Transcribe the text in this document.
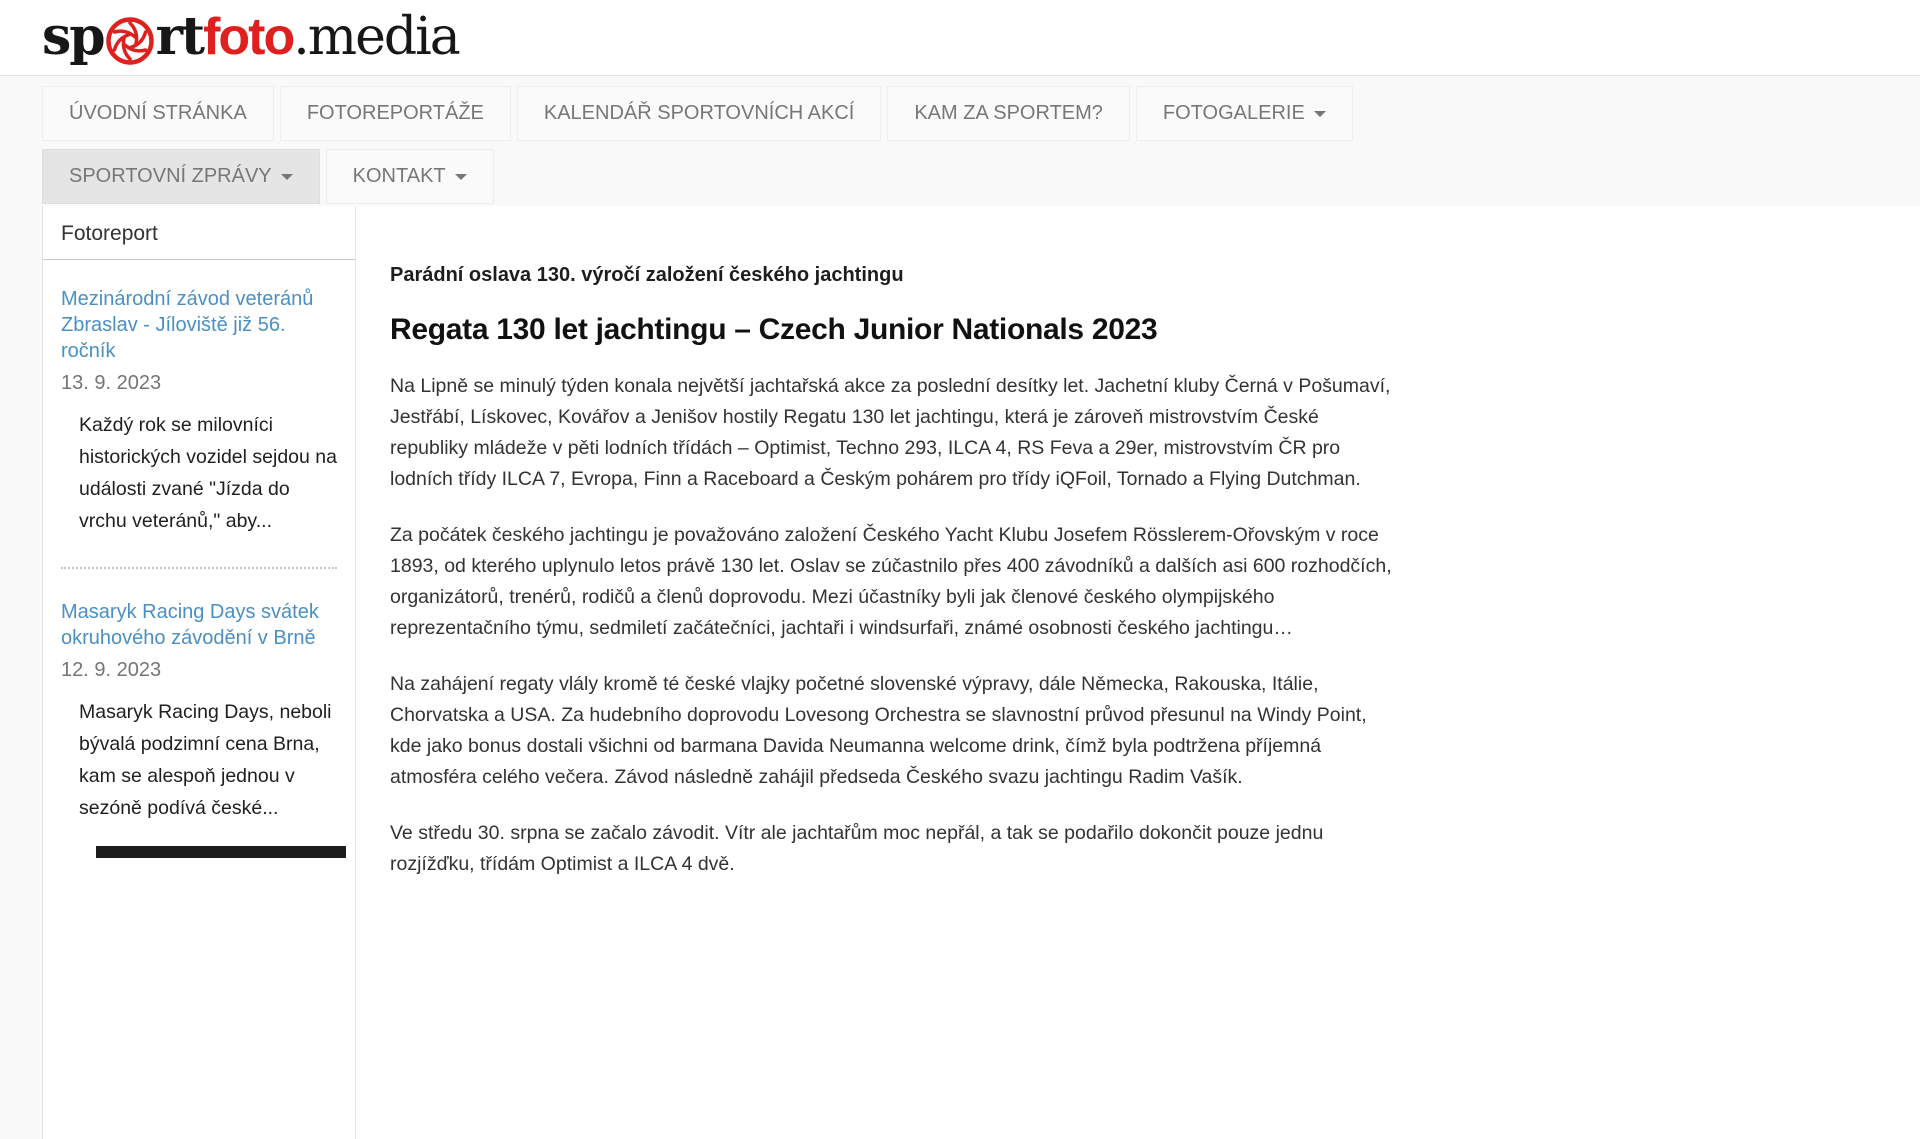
sp rt foto .media
ÚVODNÍ STRÁNKA	FOTOREPORTÁŽE	KALENDÁŘ SPORTOVNÍCH AKCÍ	KAM ZA SPORTEM?	FOTOGALERIE
SPORTOVNÍ ZPRÁVY	KONTAKT
Fotoreport
Mezinárodní závod veteránů Zbraslav - Jíloviště již 56. ročník
13. 9. 2023
Každý rok se milovníci historických vozidel sejdou na události zvané "Jízda do vrchu veteránů," aby...
Masaryk Racing Days svátek okruhového závodění v Brně
12. 9. 2023
Masaryk Racing Days, neboli bývalá podzimní cena Brna, kam se alespoň jednou v sezóně podívá české...
Parádní oslava 130. výročí založení českého jachtingu
Regata 130 let jachtingu – Czech Junior Nationals 2023

Na Lipně se minulý týden konala největší jachtařská akce za poslední desítky let. Jachetní kluby Černá v Pošumaví, Jestřábí, Lískovec, Kovářov a Jenišov hostily Regatu 130 let jachtingu, která je zároveň mistrovstvím České republiky mládeže v pěti lodních třídách – Optimist, Techno 293, ILCA 4, RS Feva a 29er, mistrovstvím ČR pro lodních třídy ILCA 7, Evropa, Finn a Raceboard a Českým pohárem pro třídy iQFoil, Tornado a Flying Dutchman.

Za počátek českého jachtingu je považováno založení Českého Yacht Klubu Josefem Rösslerem-Ořovským v roce 1893, od kterého uplynulo letos právě 130 let. Oslav se zúčastnilo přes 400 závodníků a dalších asi 600 rozhodčích, organizátorů, trenérů, rodičů a členů doprovodu. Mezi účastníky byli jak členové českého olympijského reprezentačního týmu, sedmiletí začátečníci, jachtaři i windsurfaři, známé osobnosti českého jachtingu…

Na zahájení regaty vlály kromě té české vlajky početné slovenské výpravy, dále Německa, Rakouska, Itálie, Chorvatska a USA. Za hudebního doprovodu Lovesong Orchestra se slavnostní průvod přesunul na Windy Point, kde jako bonus dostali všichni od barmana Davida Neumanna welcome drink, čímž byla podtržena příjemná atmosféra celého večera. Závod následně zahájil předseda Českého svazu jachtingu Radim Vašík.

Ve středu 30. srpna se začalo závodit. Vítr ale jachtařům moc nepřál, a tak se podařilo dokončit pouze jednu rozjížďku, třídám Optimist a ILCA 4 dvě.
